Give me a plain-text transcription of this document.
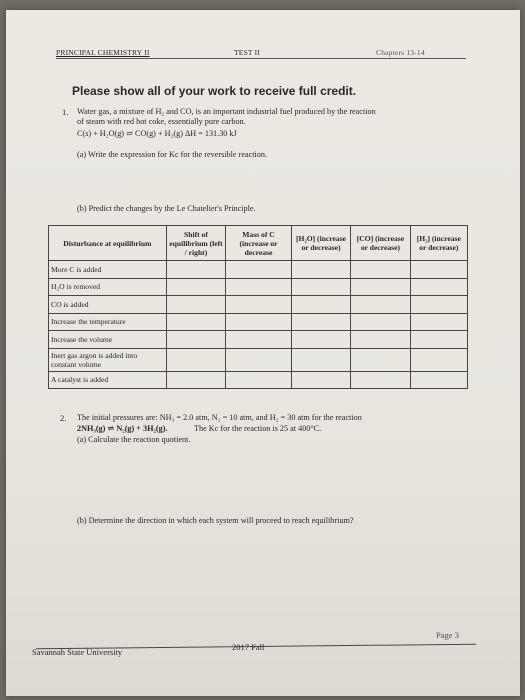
PRINCIPAL CHEMISTRY II	TEST II	Chapters 13-14
Please show all of your work to receive full credit.
1. Water gas, a mixture of H₂ and CO, is an important industrial fuel produced by the reaction
of steam with red hot coke, essentially pure carbon.
C(s) + H₂O(g) ⇌ CO(g) + H₂(g) ΔH = 131.30 kJ
(a) Write the expression for Kc for the reversible reaction.
(b) Predict the changes by the Le Chatelier's Principle.
Disturbance at equilibrium	Shift of equilibrium (left / right)	Mass of C (increase or decrease	[H₂O] (increase or decrease)	[CO] (increase or decrease)	[H₂] (increase or decrease)
More C is added					
H₂O is removed					
CO is added					
Increase the temperature					
Increase the volume					
Inert gas argon is added into constant volume					
A catalyst is added					
2. The initial pressures are: NH₃ = 2.0 atm, N₂ = 10 atm, and H₂ = 30 atm for the reaction
2NH₃(g) ⇌ N₂(g) + 3H₂(g).	The Kc for the reaction is 25 at 400°C.
(a) Calculate the reaction quotient.
(b) Determine the direction in which each system will proceed to reach equilibrium?
Savannah State University	2017 Fall
Page 3
